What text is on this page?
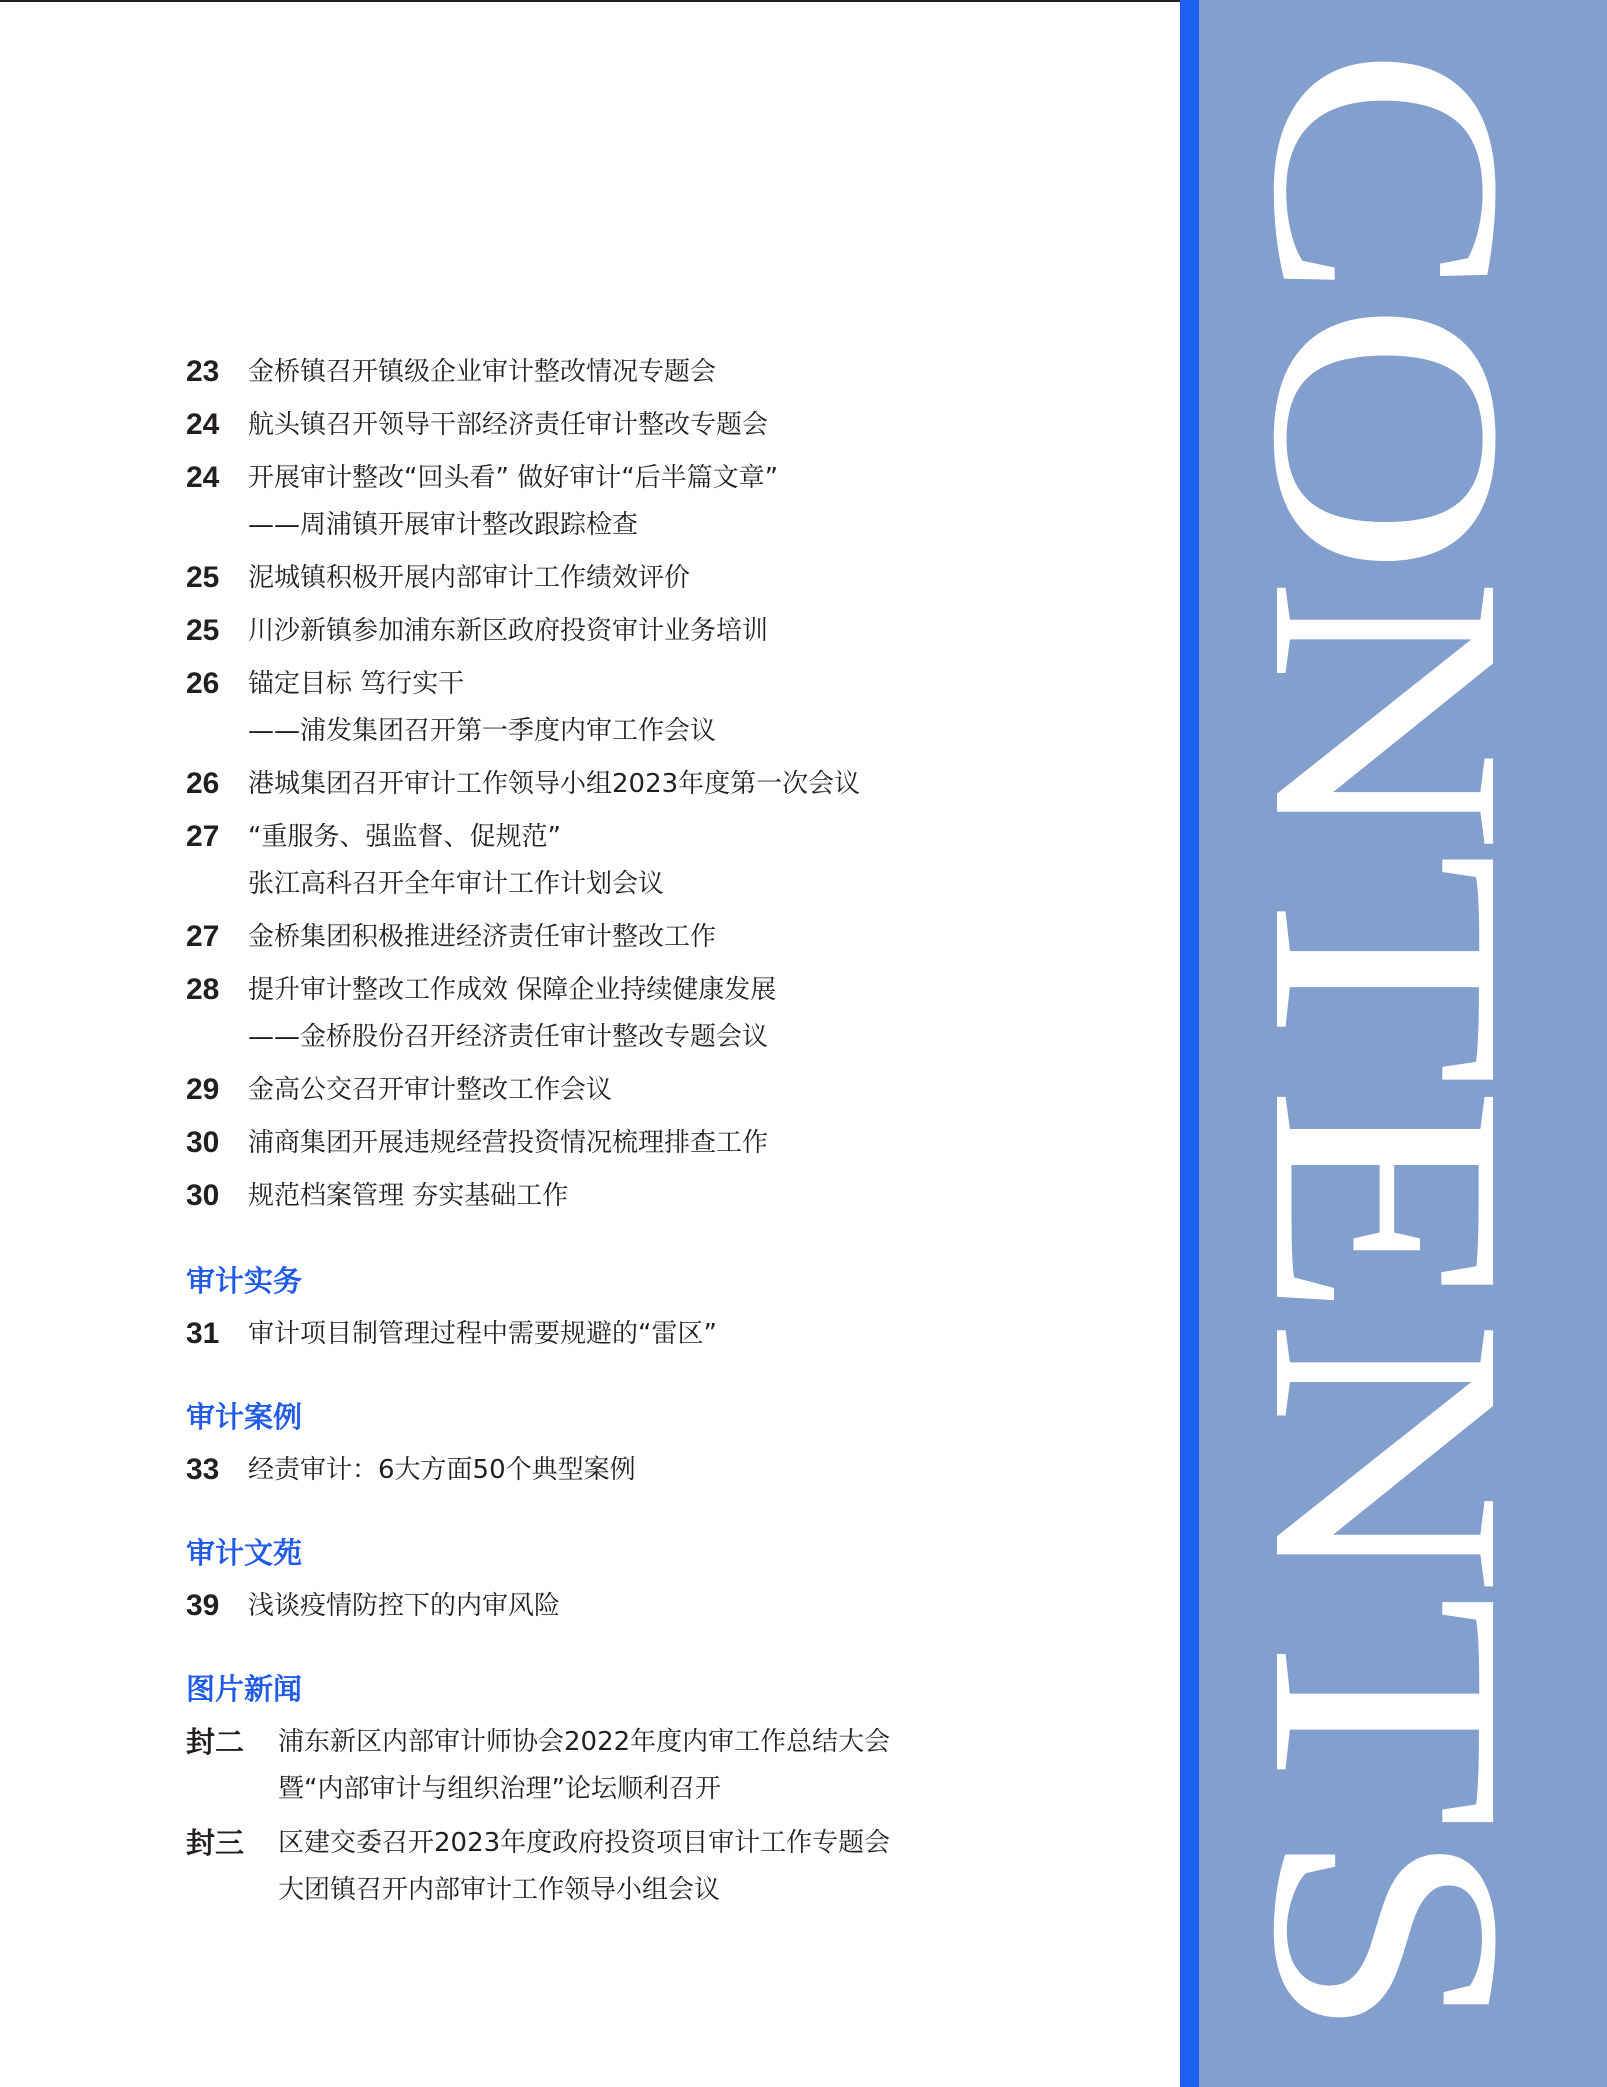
CONTENTS
23 金桥镇召开镇级企业审计整改情况专题会
24 航头镇召开领导干部经济责任审计整改专题会
24 开展审计整改“回头看” 做好审计“后半篇文章”
——周浦镇开展审计整改跟踪检查
25 泥城镇积极开展内部审计工作绩效评价
25 川沙新镇参加浦东新区政府投资审计业务培训
26 锚定目标 笃行实干
——浦发集团召开第一季度内审工作会议
26 港城集团召开审计工作领导小组2023年度第一次会议
27 “重服务、强监督、促规范”
张江高科召开全年审计工作计划会议
27 金桥集团积极推进经济责任审计整改工作
28 提升审计整改工作成效 保障企业持续健康发展
——金桥股份召开经济责任审计整改专题会议
29 金高公交召开审计整改工作会议
30 浦商集团开展违规经营投资情况梳理排查工作
30 规范档案管理 夯实基础工作
审计实务
31 审计项目制管理过程中需要规避的“雷区”
审计案例
33 经责审计：6大方面50个典型案例
审计文苑
39 浅谈疫情防控下的内审风险
图片新闻
封二 浦东新区内部审计师协会2022年度内审工作总结大会
暨“内部审计与组织治理”论坛顺利召开
封三 区建交委召开2023年度政府投资项目审计工作专题会
大团镇召开内部审计工作领导小组会议
